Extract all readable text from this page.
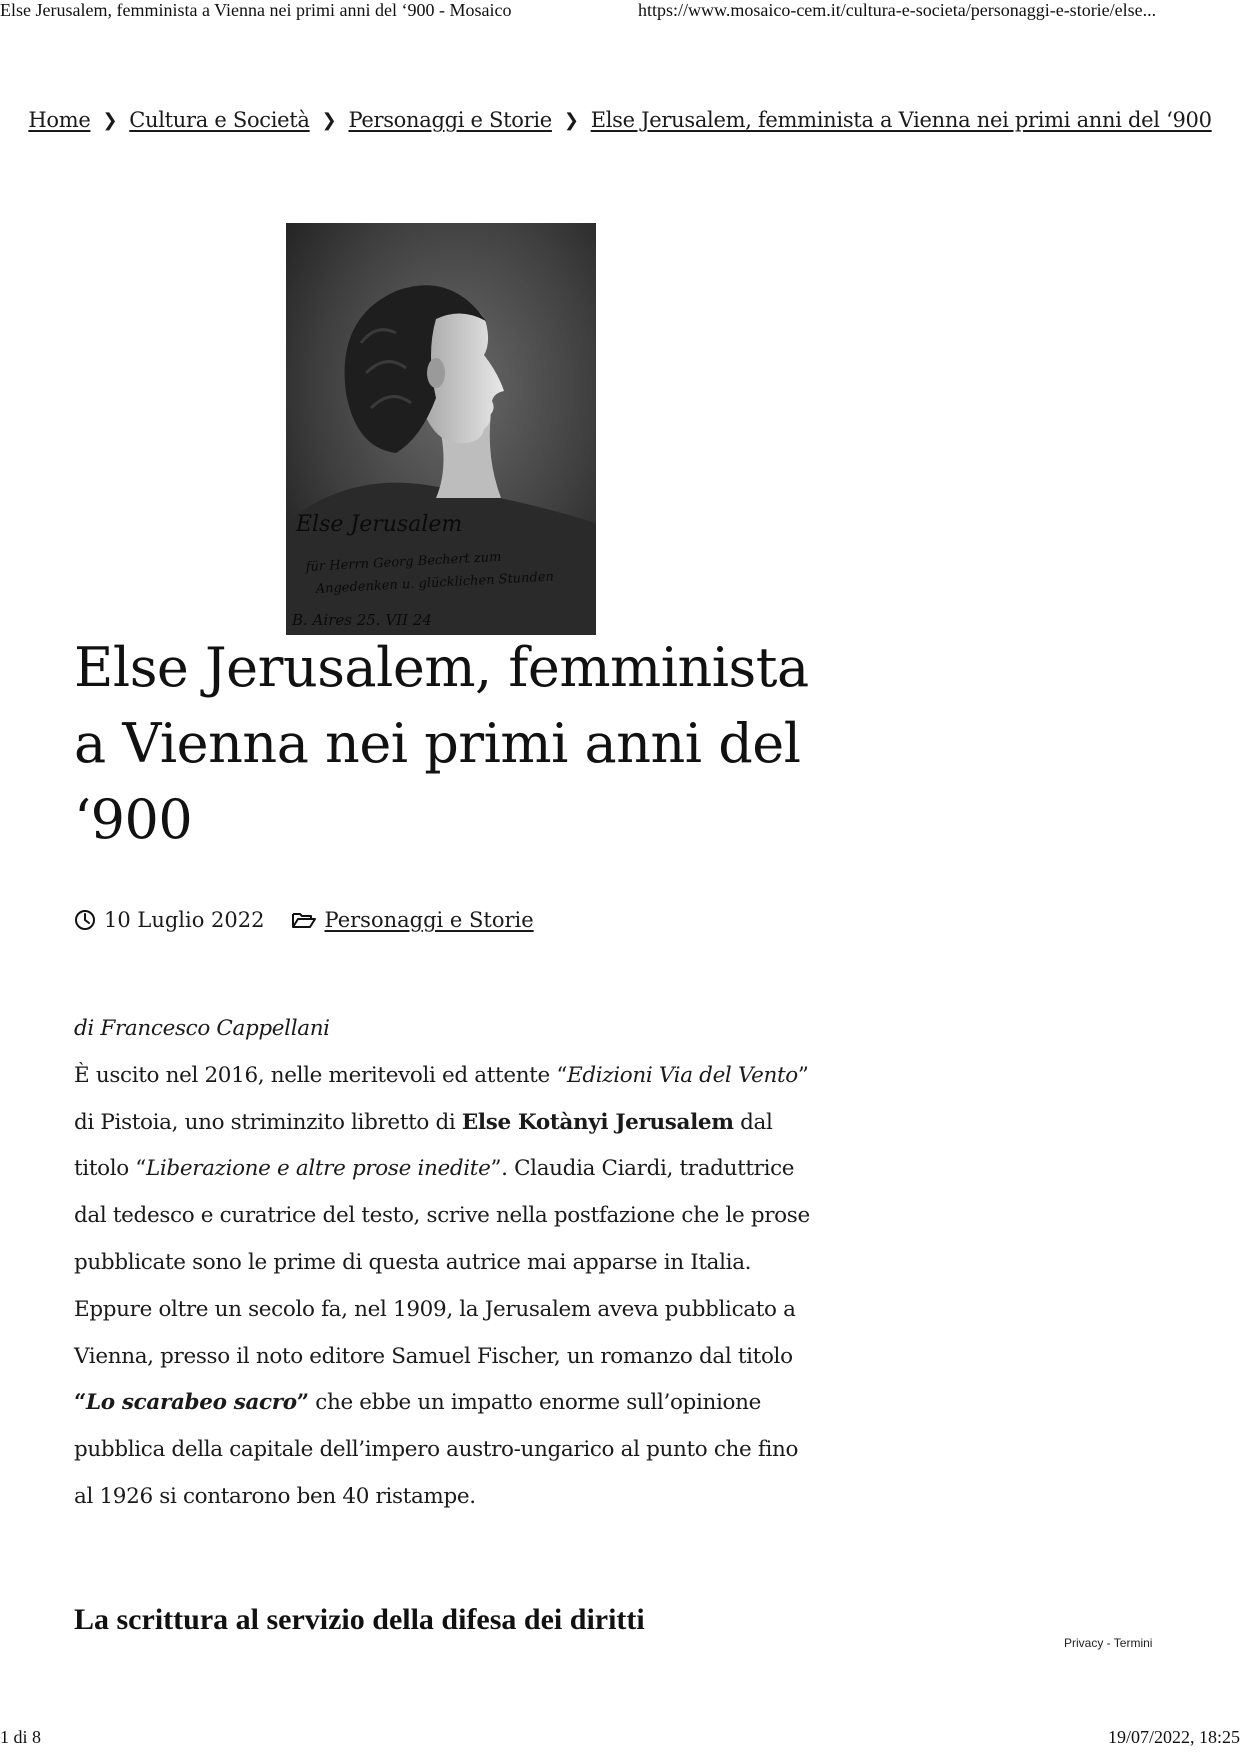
Else Jerusalem, femminista a Vienna nei primi anni del ‘900 - Mosaico	https://www.mosaico-cem.it/cultura-e-societa/personaggi-e-storie/else...
Home ❯ Cultura e Società ❯ Personaggi e Storie ❯ Else Jerusalem, femminista a Vienna nei primi anni del ‘900
Else Jerusalem
für Herrn Georg Bechert zum
Angedenken u. glücklichen Stunden
B. Aires 25. VII 24
Else Jerusalem, femminista
a Vienna nei primi anni del
‘900
10 Luglio 2022	Personaggi e Storie

di Francesco Cappellani

È uscito nel 2016, nelle meritevoli ed attente “Edizioni Via del Vento” di Pistoia, uno striminzito libretto di Else Kotànyi Jerusalem dal titolo “Liberazione e altre prose inedite”. Claudia Ciardi, traduttrice dal tedesco e curatrice del testo, scrive nella postfazione che le prose pubblicate sono le prime di questa autrice mai apparse in Italia.
Eppure oltre un secolo fa, nel 1909, la Jerusalem aveva pubblicato a Vienna, presso il noto editore Samuel Fischer, un romanzo dal titolo “Lo scarabeo sacro” che ebbe un impatto enorme sull’opinione pubblica della capitale dell’impero austro-ungarico al punto che fino al 1926 si contarono ben 40 ristampe.

La scrittura al servizio della difesa dei diritti
Privacy - Termini
1 di 8	19/07/2022, 18:25
